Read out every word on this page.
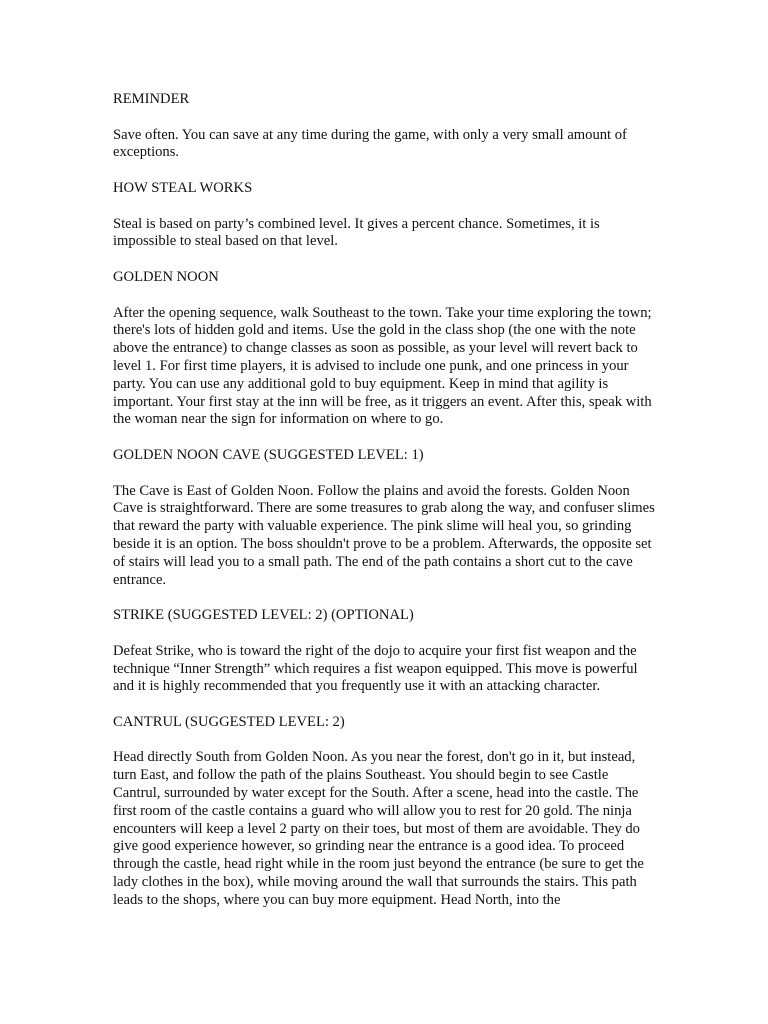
REMINDER

Save often. You can save at any time during the game, with only a very small amount of exceptions.

HOW STEAL WORKS

Steal is based on party’s combined level. It gives a percent chance. Sometimes, it is impossible to steal based on that level.

GOLDEN NOON

After the opening sequence, walk Southeast to the town. Take your time exploring the town; there's lots of hidden gold and items. Use the gold in the class shop (the one with the note above the entrance) to change classes as soon as possible, as your level will revert back to level 1. For first time players, it is advised to include one punk, and one princess in your party. You can use any additional gold to buy equipment. Keep in mind that agility is important. Your first stay at the inn will be free, as it triggers an event. After this, speak with the woman near the sign for information on where to go.

GOLDEN NOON CAVE (SUGGESTED LEVEL: 1)

The Cave is East of Golden Noon. Follow the plains and avoid the forests. Golden Noon Cave is straightforward. There are some treasures to grab along the way, and confuser slimes that reward the party with valuable experience. The pink slime will heal you, so grinding beside it is an option. The boss shouldn't prove to be a problem. Afterwards, the opposite set of stairs will lead you to a small path. The end of the path contains a short cut to the cave entrance.

STRIKE (SUGGESTED LEVEL: 2) (OPTIONAL)

Defeat Strike, who is toward the right of the dojo to acquire your first fist weapon and the technique “Inner Strength” which requires a fist weapon equipped. This move is powerful and it is highly recommended that you frequently use it with an attacking character.

CANTRUL (SUGGESTED LEVEL: 2)

Head directly South from Golden Noon. As you near the forest, don't go in it, but instead, turn East, and follow the path of the plains Southeast. You should begin to see Castle Cantrul, surrounded by water except for the South. After a scene, head into the castle. The first room of the castle contains a guard who will allow you to rest for 20 gold. The ninja encounters will keep a level 2 party on their toes, but most of them are avoidable. They do give good experience however, so grinding near the entrance is a good idea. To proceed through the castle, head right while in the room just beyond the entrance (be sure to get the lady clothes in the box), while moving around the wall that surrounds the stairs. This path leads to the shops, where you can buy more equipment. Head North, into the
